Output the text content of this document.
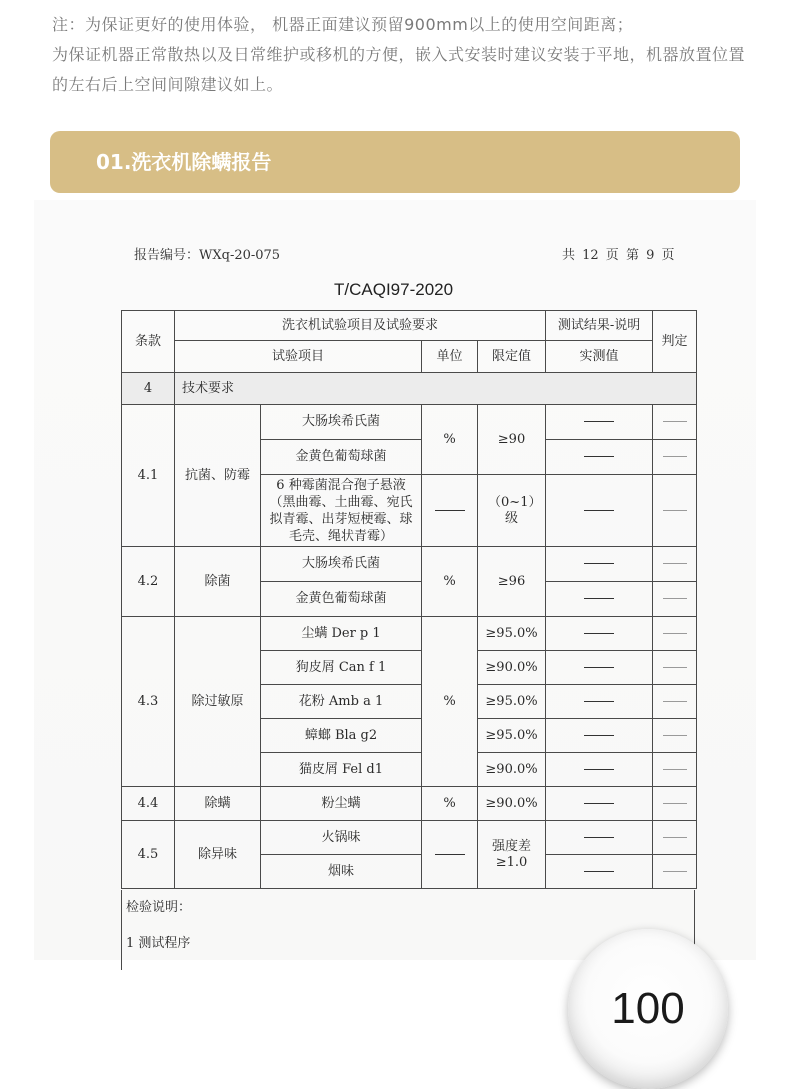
注：为保证更好的使用体验， 机器正面建议预留900mm以上的使用空间距离；

为保证机器正常散热以及日常维护或移机的方便，嵌入式安装时建议安装于平地，机器放置位置的左右后上空间间隙建议如上。

01.洗衣机除螨报告
报告编号：WXq-20-075	共 12 页 第 9 页
T/CAQI97-2020
条款	洗衣机试验项目及试验要求				测试结果-说明	判定
	试验项目		单位	限定值	实测值	
4	技术要求					
4.1	抗菌、防霉	大肠埃希氏菌	%	≥90		
		金黄色葡萄球菌				
		6 种霉菌混合孢子悬液（黑曲霉、土曲霉、宛氏拟青霉、出芽短梗霉、球毛壳、绳状青霉）		（0~1）级		
4.2	除菌	大肠埃希氏菌	%	≥96		
		金黄色葡萄球菌				
4.3	除过敏原	尘螨 Der p 1	%	≥95.0%		
		狗皮屑 Can f 1		≥90.0%		
		花粉 Amb a 1		≥95.0%		
		蟑螂 Bla g2		≥95.0%		
		猫皮屑 Fel d1		≥90.0%		
4.4	除螨	粉尘螨	%	≥90.0%		
4.5	除异味	火锅味		强度差≥1.0		
		烟味				
检验说明：
1 测试程序
100
